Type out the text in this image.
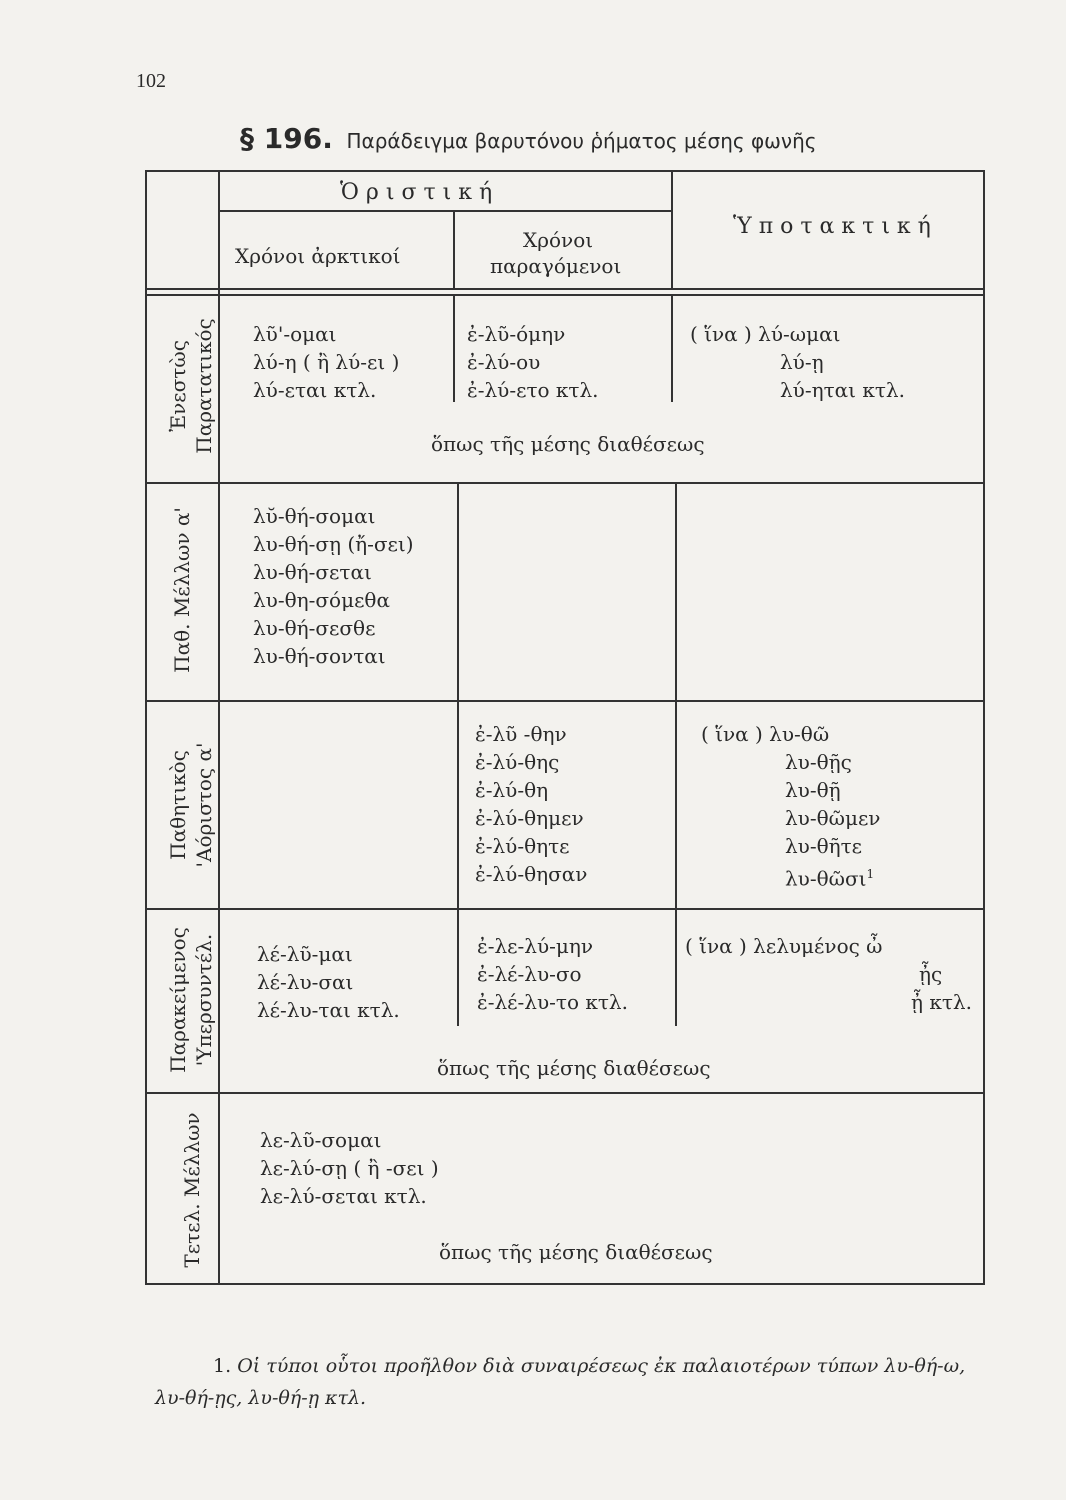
102
§ 196. Παράδειγμα βαρυτόνου ῥήματος μέσης φωνῆς
Ὁ ρ ι σ τ ι κ ή
Χρόνοι ἀρκτικοί
Χρόνοι
παραγόμενοι
Ὑ π ο τ α κ τ ι κ ή
Ἐνεστὼς Παρατατικός λῦ'-ομαι
λύ-η ( ἢ λύ-ει )
λύ-εται κτλ.
ἐ-λῦ-όμην
ἐ-λύ-ου
ἐ-λύ-ετο κτλ.
( ἵνα ) λύ-ωμαι
λύ-ῃ
λύ-ηται κτλ.
ὅπως τῆς μέσης διαθέσεως
Παθ. Μέλλων α'	λῠ-θή-σομαι
λυ-θή-σῃ (ἤ-σει)
λυ-θή-σεται
λυ-θη-σόμεθα
λυ-θή-σεσθε
λυ-θή-σονται
Παθητικὸς 'Αόριστος α'
ἐ-λῦ -θην
ἐ-λύ-θης
ἐ-λύ-θη
ἐ-λύ-θημεν
ἐ-λύ-θητε
ἐ-λύ-θησαν
( ἵνα ) λυ-θῶ
λυ-θῇς
λυ-θῇ
λυ-θῶμεν
λυ-θῆτε
λυ-θῶσι$^1$
Παρακείμενος 'Υπερσυντέλ. λέ-λῦ-μαι
λέ-λυ-σαι
λέ-λυ-ται κτλ.
ἐ-λε-λύ-μην
ἐ-λέ-λυ-σο
ἐ-λέ-λυ-το κτλ.
( ἵνα ) λελυμένος ὦ
ᾖς
ᾖ κτλ.
ὅπως τῆς μέσης διαθέσεως
Τετελ. Μέλλων	λε-λῦ-σομαι
λε-λύ-σῃ ( ἢ -σει )
λε-λύ-σεται κτλ.
ὅπως τῆς μέσης διαθέσεως
1. Οἱ τύποι οὗτοι προῆλθον διὰ συναιρέσεως ἐκ παλαιοτέρων τύπων λυ-θή-ω,
λυ-θή-ῃς, λυ-θή-ῃ κτλ.
